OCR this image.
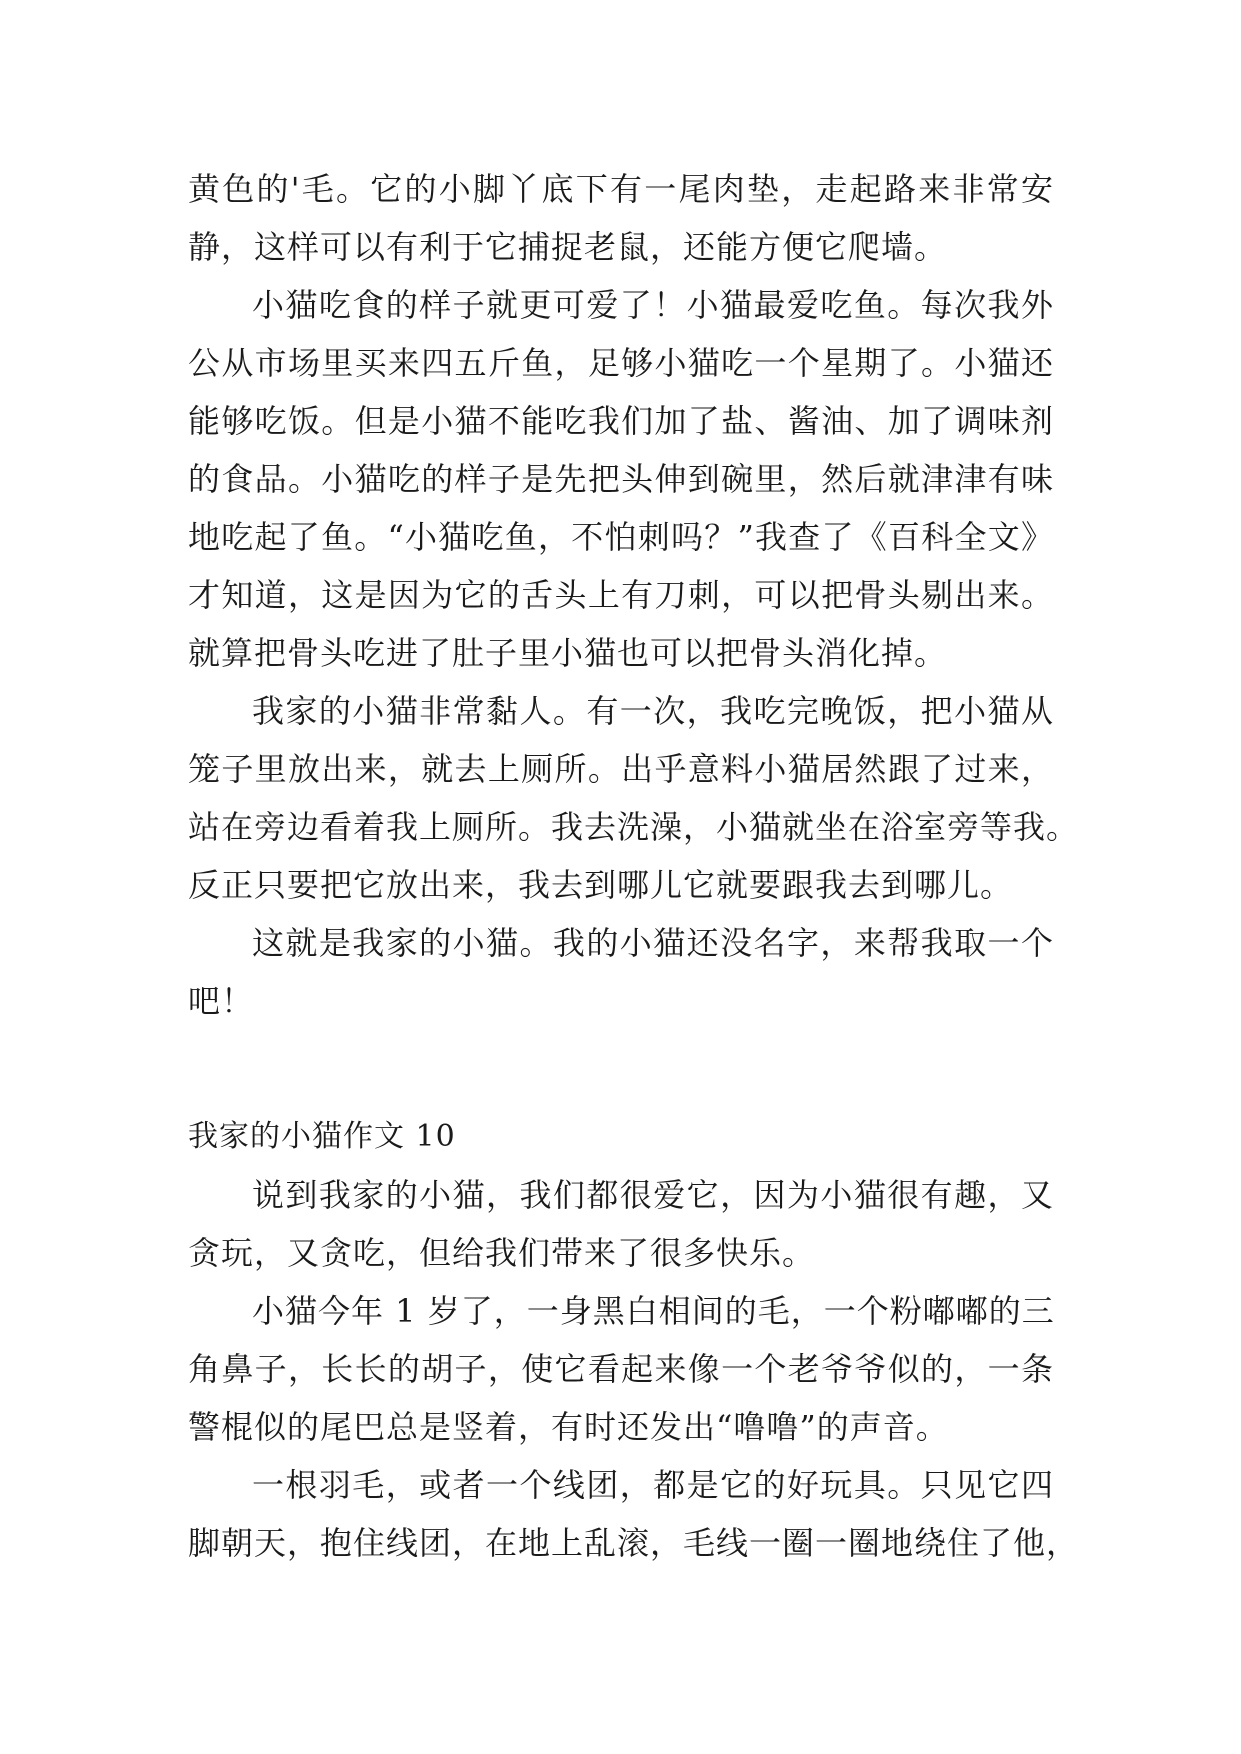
黄色的'毛。它的小脚丫底下有一尾肉垫，走起路来非常安
静，这样可以有利于它捕捉老鼠，还能方便它爬墙。
小猫吃食的样子就更可爱了！小猫最爱吃鱼。每次我外
公从市场里买来四五斤鱼，足够小猫吃一个星期了。小猫还
能够吃饭。但是小猫不能吃我们加了盐、酱油、加了调味剂
的食品。小猫吃的样子是先把头伸到碗里，然后就津津有味
地吃起了鱼。“小猫吃鱼，不怕刺吗？”我查了《百科全文》
才知道，这是因为它的舌头上有刀刺，可以把骨头剔出来。
就算把骨头吃进了肚子里小猫也可以把骨头消化掉。
我家的小猫非常黏人。有一次，我吃完晚饭，把小猫从
笼子里放出来，就去上厕所。出乎意料小猫居然跟了过来，
站在旁边看着我上厕所。我去洗澡，小猫就坐在浴室旁等我。
反正只要把它放出来，我去到哪儿它就要跟我去到哪儿。
这就是我家的小猫。我的小猫还没名字，来帮我取一个
吧！
我家的小猫作文 10
说到我家的小猫，我们都很爱它，因为小猫很有趣，又
贪玩，又贪吃，但给我们带来了很多快乐。
小猫今年 1 岁了，一身黑白相间的毛，一个粉嘟嘟的三
角鼻子，长长的胡子，使它看起来像一个老爷爷似的，一条
警棍似的尾巴总是竖着，有时还发出“噜噜”的声音。
一根羽毛，或者一个线团，都是它的好玩具。只见它四
脚朝天，抱住线团，在地上乱滚，毛线一圈一圈地绕住了他，
